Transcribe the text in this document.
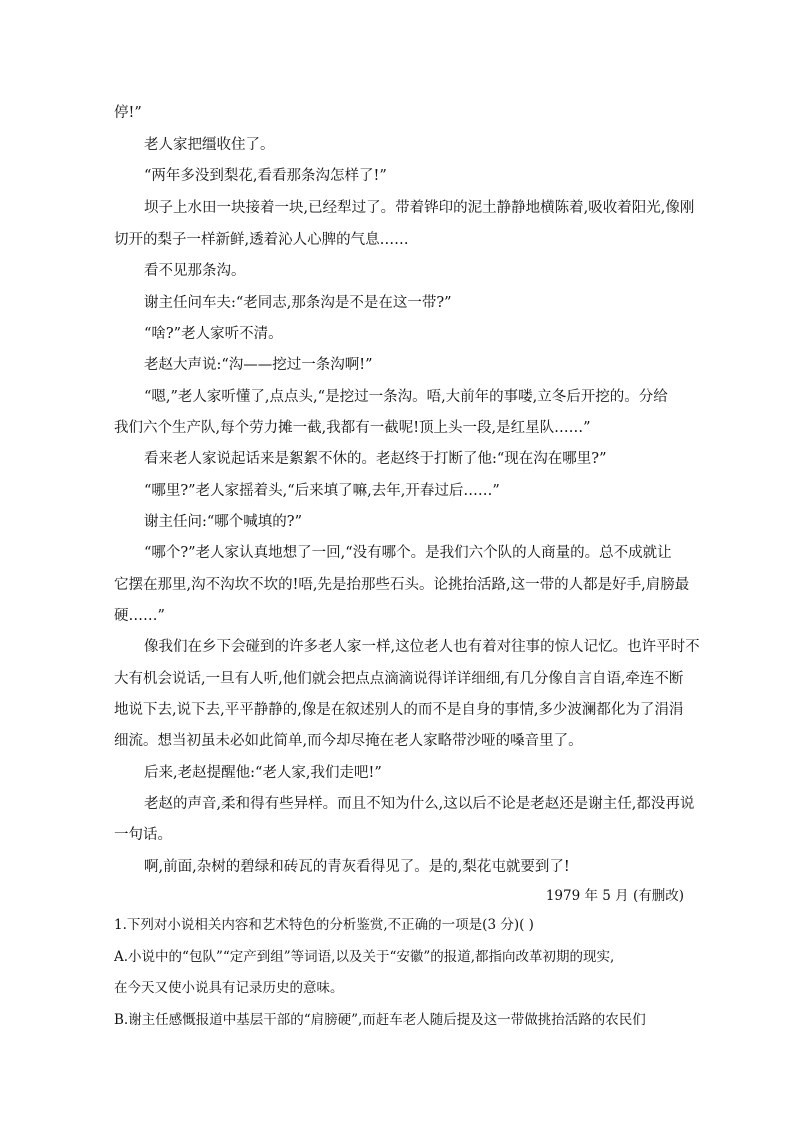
停!”
老人家把缰收住了。
“两年多没到梨花,看看那条沟怎样了!”
坝子上水田一块接着一块,已经犁过了。带着铧印的泥土静静地横陈着,吸收着阳光,像刚
切开的梨子一样新鲜,透着沁人心脾的气息……
看不见那条沟。
谢主任问车夫:“老同志,那条沟是不是在这一带?”
“啥?”老人家听不清。
老赵大声说:“沟——挖过一条沟啊!”
“嗯,”老人家听懂了,点点头,“是挖过一条沟。唔,大前年的事喽,立冬后开挖的。分给
我们六个生产队,每个劳力摊一截,我都有一截呢!顶上头一段,是红星队……”
看来老人家说起话来是絮絮不休的。老赵终于打断了他:“现在沟在哪里?”
“哪里?”老人家摇着头,“后来填了嘛,去年,开春过后……”
谢主任问:“哪个喊填的?”
“哪个?”老人家认真地想了一回,“没有哪个。是我们六个队的人商量的。总不成就让
它摆在那里,沟不沟坎不坎的!唔,先是抬那些石头。论挑抬活路,这一带的人都是好手,肩膀最
硬……”
像我们在乡下会碰到的许多老人家一样,这位老人也有着对往事的惊人记忆。也许平时不
大有机会说话,一旦有人听,他们就会把点点滴滴说得详详细细,有几分像自言自语,牵连不断
地说下去,说下去,平平静静的,像是在叙述别人的而不是自身的事情,多少波澜都化为了涓涓
细流。想当初虽未必如此简单,而今却尽掩在老人家略带沙哑的嗓音里了。
后来,老赵提醒他:“老人家,我们走吧!”
老赵的声音,柔和得有些异样。而且不知为什么,这以后不论是老赵还是谢主任,都没再说
一句话。
啊,前面,杂树的碧绿和砖瓦的青灰看得见了。是的,梨花屯就要到了!
1979 年 5 月 (有删改)
1.下列对小说相关内容和艺术特色的分析鉴赏,不正确的一项是(3 分)( )
A.小说中的“包队”“定产到组”等词语,以及关于“安徽”的报道,都指向改革初期的现实,
在今天又使小说具有记录历史的意味。
B.谢主任感慨报道中基层干部的“肩膀硬”,而赶车老人随后提及这一带做挑抬活路的农民们
